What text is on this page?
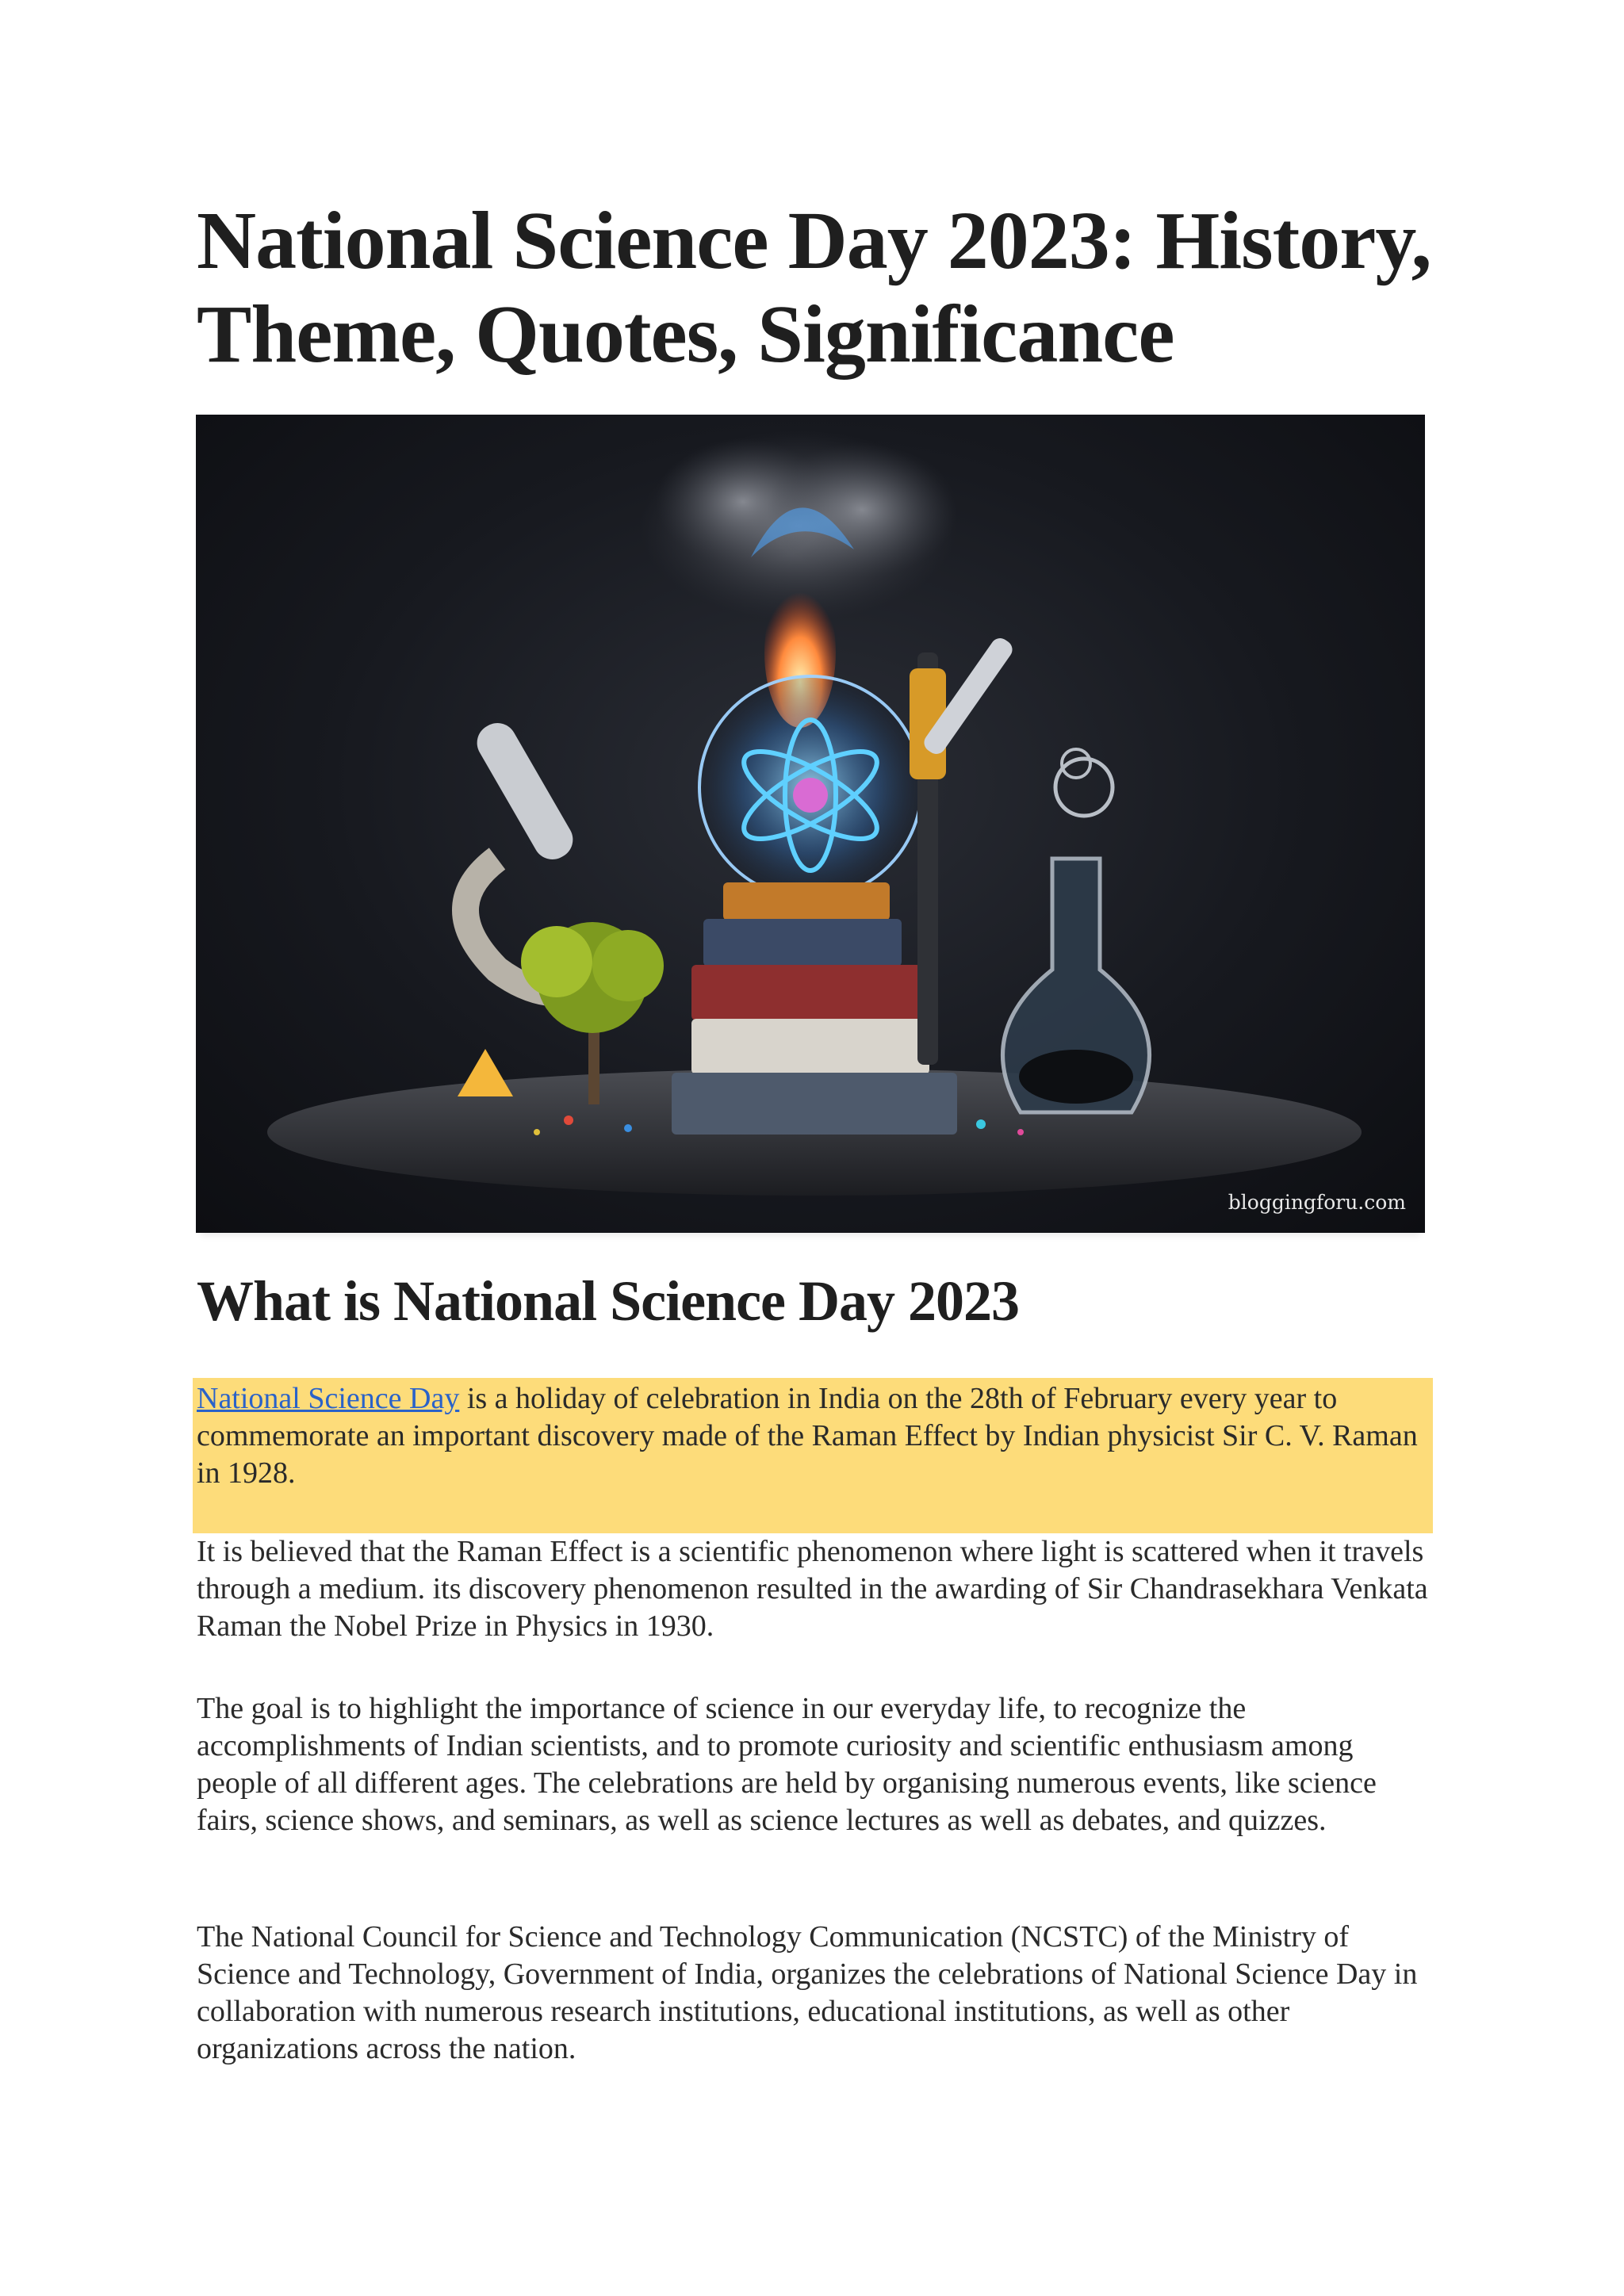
National Science Day 2023: History, Theme, Quotes, Significance
bloggingforu.com
What is National Science Day 2023

National Science Day is a holiday of celebration in India on the 28th of February every year to commemorate an important discovery made of the Raman Effect by Indian physicist Sir C. V. Raman in 1928.

It is believed that the Raman Effect is a scientific phenomenon where light is scattered when it travels through a medium. its discovery phenomenon resulted in the awarding of Sir Chandrasekhara Venkata Raman the Nobel Prize in Physics in 1930.

The goal is to highlight the importance of science in our everyday life, to recognize the accomplishments of Indian scientists, and to promote curiosity and scientific enthusiasm among people of all different ages. The celebrations are held by organising numerous events, like science fairs, science shows, and seminars, as well as science lectures as well as debates, and quizzes.

The National Council for Science and Technology Communication (NCSTC) of the Ministry of Science and Technology, Government of India, organizes the celebrations of National Science Day in collaboration with numerous research institutions, educational institutions, as well as other organizations across the nation.
